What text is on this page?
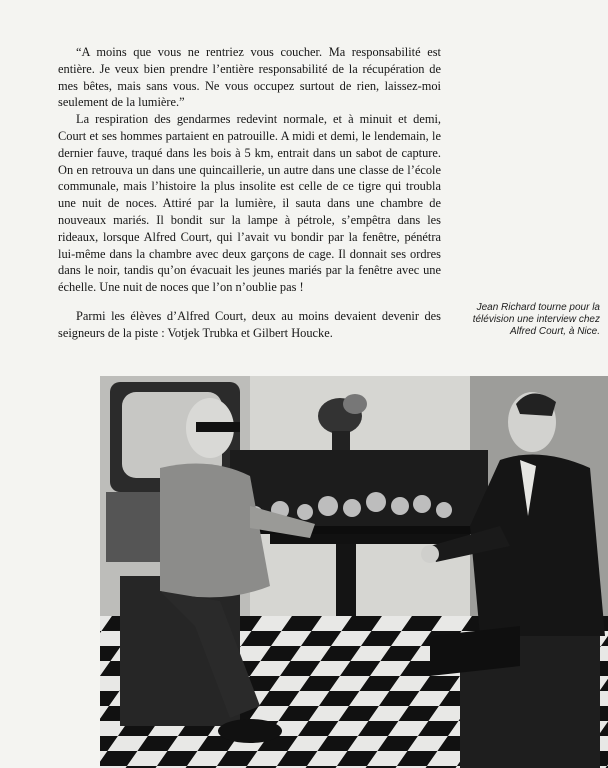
“A moins que vous ne rentriez vous coucher. Ma responsabilité est entière. Je veux bien prendre l’entière responsabilité de la récupération de mes bêtes, mais sans vous. Ne vous occupez surtout de rien, laissez-moi seulement de la lumière.”

La respiration des gendarmes redevint normale, et à minuit et demi, Court et ses hommes partaient en patrouille. A midi et demi, le lendemain, le dernier fauve, traqué dans les bois à 5 km, entrait dans un sabot de capture. On en retrouva un dans une quincaillerie, un autre dans une classe de l’école communale, mais l’histoire la plus insolite est celle de ce tigre qui troubla une nuit de noces. Attiré par la lumière, il sauta dans une chambre de nouveaux mariés. Il bondit sur la lampe à pétrole, s’empêtra dans les rideaux, lorsque Alfred Court, qui l’avait vu bondir par la fenêtre, pénétra lui-même dans la chambre avec deux garçons de cage. Il donnait ses ordres dans le noir, tandis qu’on évacuait les jeunes mariés par la fenêtre avec une échelle. Une nuit de noces que l’on n’oublie pas !

Parmi les élèves d’Alfred Court, deux au moins devaient devenir des seigneurs de la piste : Votjek Trubka et Gilbert Houcke.

Jean Richard tourne pour la télévision une interview chez Alfred Court, à Nice.
